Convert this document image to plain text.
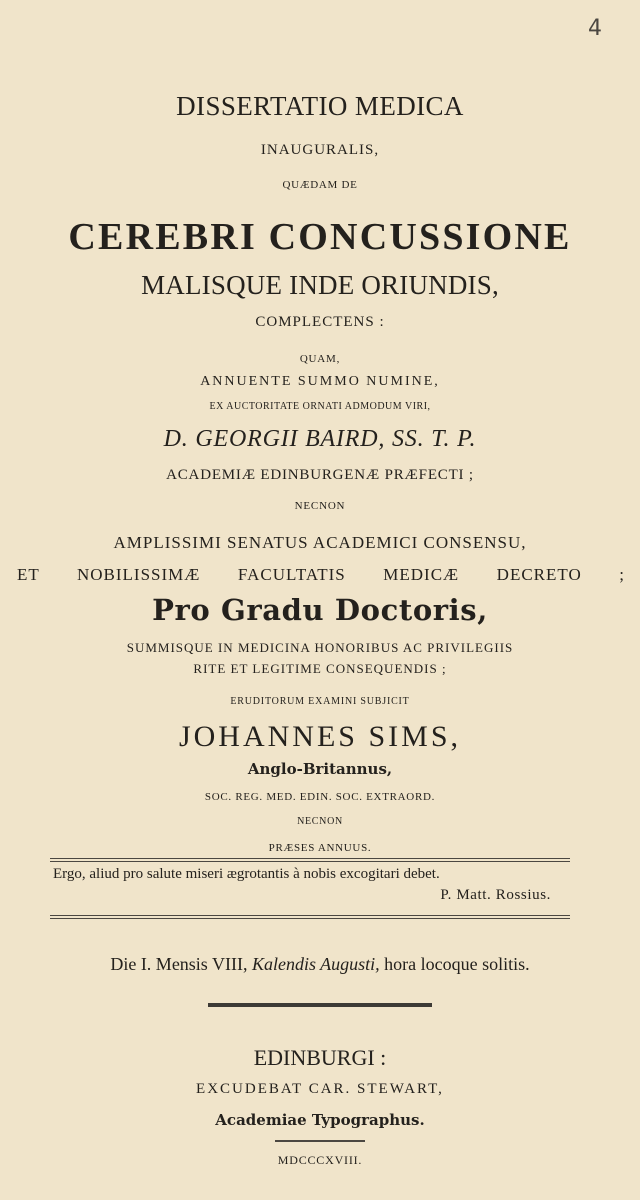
4
DISSERTATIO MEDICA
INAUGURALIS,
QUÆDAM DE
CEREBRI CONCUSSIONE
MALISQUE INDE ORIUNDIS,
COMPLECTENS :
QUAM,
ANNUENTE SUMMO NUMINE,
EX AUCTORITATE ORNATI ADMODUM VIRI,
D. GEORGII BAIRD, SS. T. P.
ACADEMIÆ EDINBURGENÆ PRÆFECTI ;
NECNON
AMPLISSIMI SENATUS ACADEMICI CONSENSU,
ET NOBILISSIMÆ FACULTATIS MEDICÆ DECRETO ;
Pro Gradu Doctoris,
SUMMISQUE IN MEDICINA HONORIBUS AC PRIVILEGIIS
RITE ET LEGITIME CONSEQUENDIS ;
ERUDITORUM EXAMINI SUBJICIT
JOHANNES SIMS,
Anglo-Britannus,
SOC. REG. MED. EDIN. SOC. EXTRAORD.
NECNON
PRÆSES ANNUUS.
Ergo, aliud pro salute miseri ægrotantis à nobis excogitari debet.
P. Matt. Rossius.
Die I. Mensis VIII, Kalendis Augusti, hora locoque solitis.
EDINBURGI :
EXCUDEBAT CAR. STEWART,
Academiae Typographus.
MDCCCXVIII.
